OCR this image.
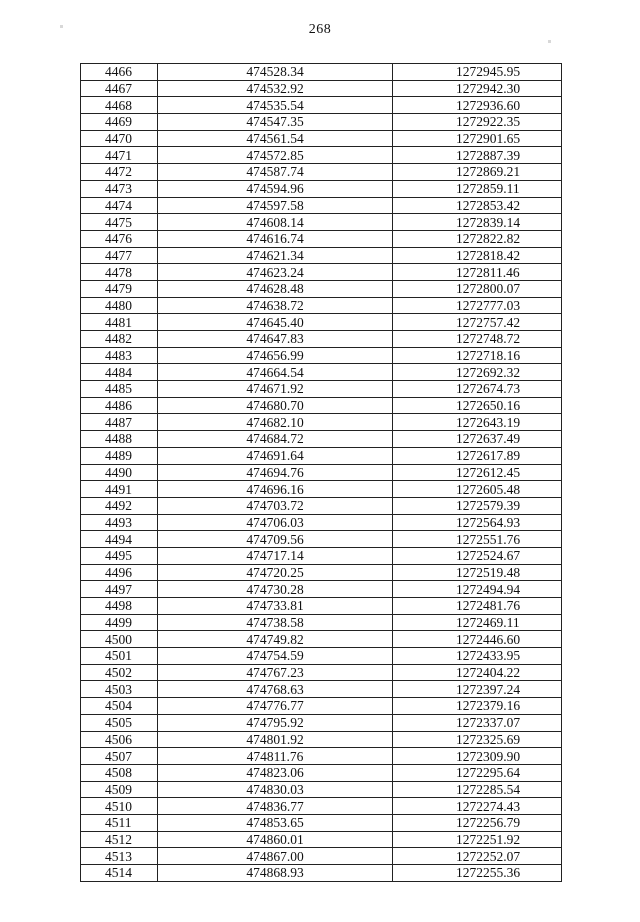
268
4466	474528.34	1272945.95
4467	474532.92	1272942.30
4468	474535.54	1272936.60
4469	474547.35	1272922.35
4470	474561.54	1272901.65
4471	474572.85	1272887.39
4472	474587.74	1272869.21
4473	474594.96	1272859.11
4474	474597.58	1272853.42
4475	474608.14	1272839.14
4476	474616.74	1272822.82
4477	474621.34	1272818.42
4478	474623.24	1272811.46
4479	474628.48	1272800.07
4480	474638.72	1272777.03
4481	474645.40	1272757.42
4482	474647.83	1272748.72
4483	474656.99	1272718.16
4484	474664.54	1272692.32
4485	474671.92	1272674.73
4486	474680.70	1272650.16
4487	474682.10	1272643.19
4488	474684.72	1272637.49
4489	474691.64	1272617.89
4490	474694.76	1272612.45
4491	474696.16	1272605.48
4492	474703.72	1272579.39
4493	474706.03	1272564.93
4494	474709.56	1272551.76
4495	474717.14	1272524.67
4496	474720.25	1272519.48
4497	474730.28	1272494.94
4498	474733.81	1272481.76
4499	474738.58	1272469.11
4500	474749.82	1272446.60
4501	474754.59	1272433.95
4502	474767.23	1272404.22
4503	474768.63	1272397.24
4504	474776.77	1272379.16
4505	474795.92	1272337.07
4506	474801.92	1272325.69
4507	474811.76	1272309.90
4508	474823.06	1272295.64
4509	474830.03	1272285.54
4510	474836.77	1272274.43
4511	474853.65	1272256.79
4512	474860.01	1272251.92
4513	474867.00	1272252.07
4514	474868.93	1272255.36
